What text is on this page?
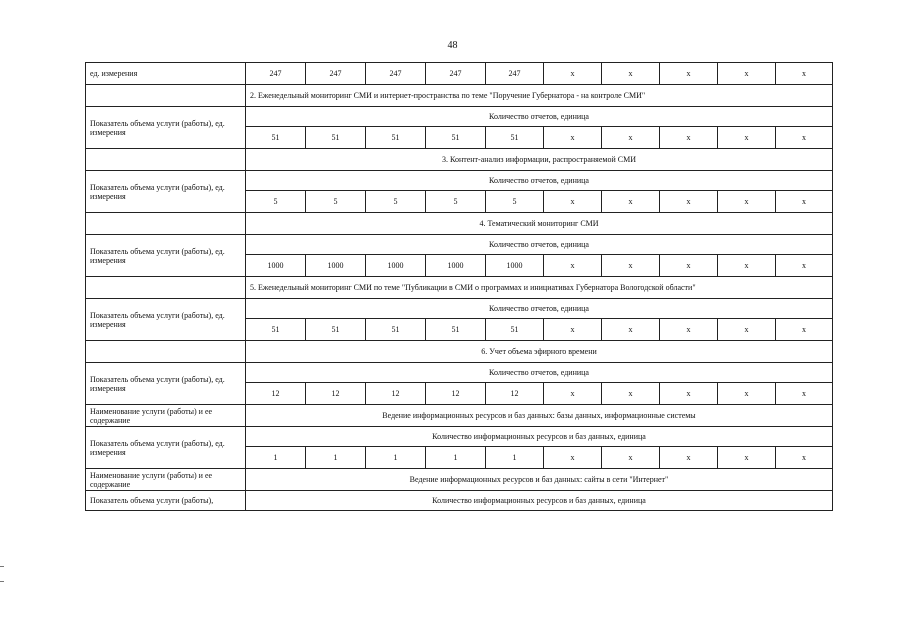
48
ед. измерения	247	247	247	247	247	x	x	x	x	x
	2. Еженедельный мониторинг СМИ и интернет-пространства по теме "Поручение Губернатора - на контроле СМИ"									
Показатель объема услуги (работы), ед. измерения	Количество отчетов, единица									
	51	51	51	51	51	x	x	x	x	x
	3. Контент-анализ информации, распространяемой СМИ									
Показатель объема услуги (работы), ед. измерения	Количество отчетов, единица									
	5	5	5	5	5	x	x	x	x	x
	4. Тематический мониторинг СМИ									
Показатель объема услуги (работы), ед. измерения	Количество отчетов, единица									
	1000	1000	1000	1000	1000	x	x	x	x	x
	5. Еженедельный мониторинг СМИ по теме "Публикации в СМИ о программах и инициативах Губернатора Вологодской области"									
Показатель объема услуги (работы), ед. измерения	Количество отчетов, единица									
	51	51	51	51	51	x	x	x	x	x
	6. Учет объема эфирного времени									
Показатель объема услуги (работы), ед. измерения	Количество отчетов, единица									
	12	12	12	12	12	x	x	x	x	x
Наименование услуги (работы) и ее содержание	Ведение информационных ресурсов и баз данных: базы данных, информационные системы									
Показатель объема услуги (работы), ед. измерения	Количество информационных ресурсов и баз данных, единица									
	1	1	1	1	1	x	x	x	x	x
Наименование услуги (работы) и ее содержание	Ведение информационных ресурсов и баз данных: сайты в сети "Интернет"									
Показатель объема услуги (работы),	Количество информационных ресурсов и баз данных, единица									
